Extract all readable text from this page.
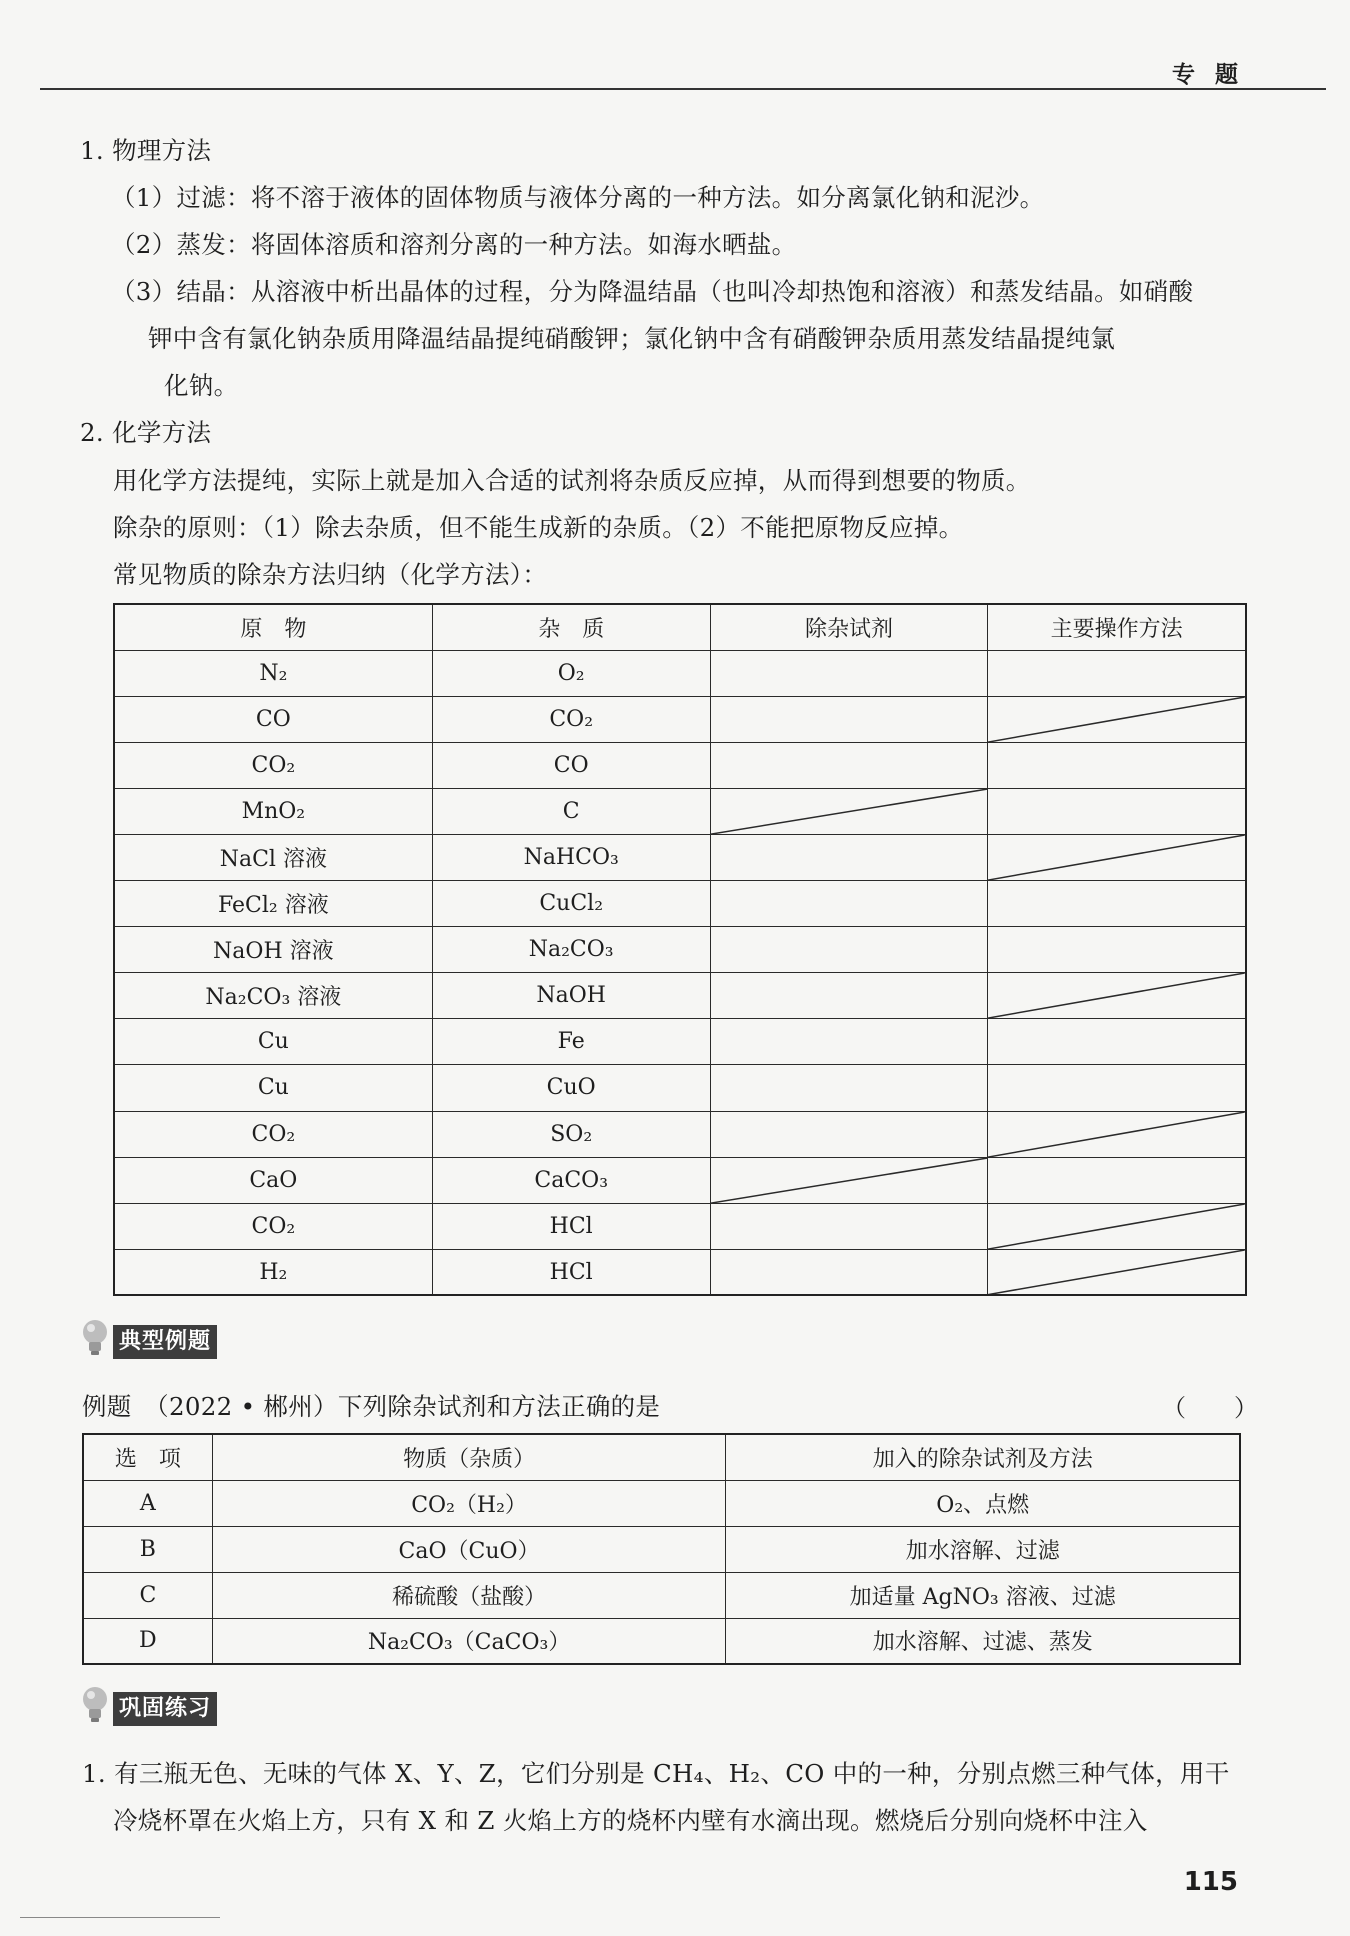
专 题
1. 物理方法
（1）过滤：将不溶于液体的固体物质与液体分离的一种方法。如分离氯化钠和泥沙。
（2）蒸发：将固体溶质和溶剂分离的一种方法。如海水晒盐。
（3）结晶：从溶液中析出晶体的过程，分为降温结晶（也叫冷却热饱和溶液）和蒸发结晶。如硝酸
钾中含有氯化钠杂质用降温结晶提纯硝酸钾；氯化钠中含有硝酸钾杂质用蒸发结晶提纯氯
化钠。
2. 化学方法
用化学方法提纯，实际上就是加入合适的试剂将杂质反应掉，从而得到想要的物质。
除杂的原则：（1）除去杂质，但不能生成新的杂质。（2）不能把原物反应掉。
常见物质的除杂方法归纳（化学方法）：
原　物	杂　质	除杂试剂	主要操作方法
N₂	O₂		
CO	CO₂		

CO₂	CO		
MnO₂	C	

NaCl 溶液	NaHCO₃		

FeCl₂ 溶液	CuCl₂		
NaOH 溶液	Na₂CO₃		
Na₂CO₃ 溶液	NaOH		

Cu	Fe		
Cu	CuO		
CO₂	SO₂		

CaO	CaCO₃	

CO₂	HCl		

H₂	HCl		
典型例题
例题　（2022 • 郴州）下列除杂试剂和方法正确的是	（　　）
选　项	物质（杂质）	加入的除杂试剂及方法
A	CO₂（H₂）	O₂、点燃
B	CaO（CuO）	加水溶解、过滤
C	稀硫酸（盐酸）	加适量 AgNO₃ 溶液、过滤
D	Na₂CO₃（CaCO₃）	加水溶解、过滤、蒸发
巩固练习
1. 有三瓶无色、无味的气体 X、Y、Z，它们分别是 CH₄、H₂、CO 中的一种，分别点燃三种气体，用干
冷烧杯罩在火焰上方，只有 X 和 Z 火焰上方的烧杯内壁有水滴出现。燃烧后分别向烧杯中注入
115
